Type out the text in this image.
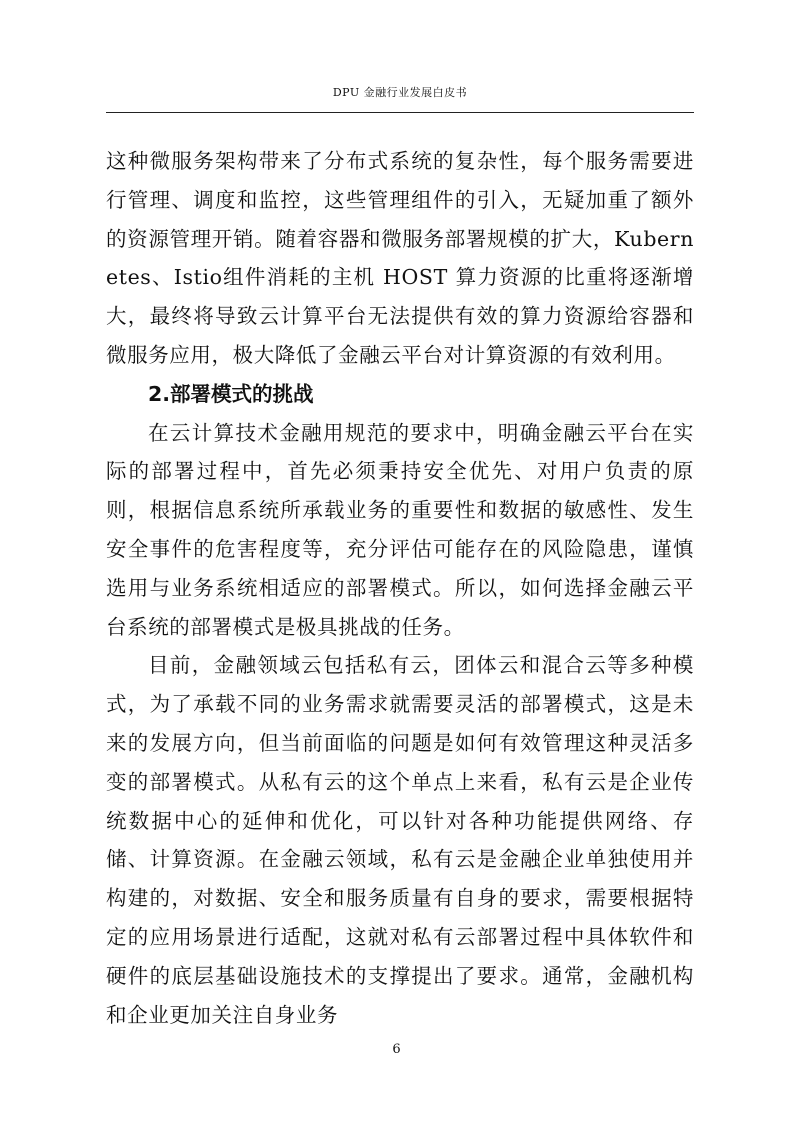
DPU 金融行业发展白皮书

这种微服务架构带来了分布式系统的复杂性，每个服务需要进行管理、调度和监控，这些管理组件的引入，无疑加重了额外的资源管理开销。随着容器和微服务部署规模的扩大，Kubernetes、Istio组件消耗的主机 HOST 算力资源的比重将逐渐增大，最终将导致云计算平台无法提供有效的算力资源给容器和微服务应用，极大降低了金融云平台对计算资源的有效利用。

2.部署模式的挑战

在云计算技术金融用规范的要求中，明确金融云平台在实际的部署过程中，首先必须秉持安全优先、对用户负责的原则，根据信息系统所承载业务的重要性和数据的敏感性、发生安全事件的危害程度等，充分评估可能存在的风险隐患，谨慎选用与业务系统相适应的部署模式。所以，如何选择金融云平台系统的部署模式是极具挑战的任务。

目前，金融领域云包括私有云，团体云和混合云等多种模式，为了承载不同的业务需求就需要灵活的部署模式，这是未来的发展方向，但当前面临的问题是如何有效管理这种灵活多变的部署模式。从私有云的这个单点上来看，私有云是企业传统数据中心的延伸和优化，可以针对各种功能提供网络、存储、计算资源。在金融云领域，私有云是金融企业单独使用并构建的，对数据、安全和服务质量有自身的要求，需要根据特定的应用场景进行适配，这就对私有云部署过程中具体软件和硬件的底层基础设施技术的支撑提出了要求。通常，金融机构和企业更加关注自身业务

6
